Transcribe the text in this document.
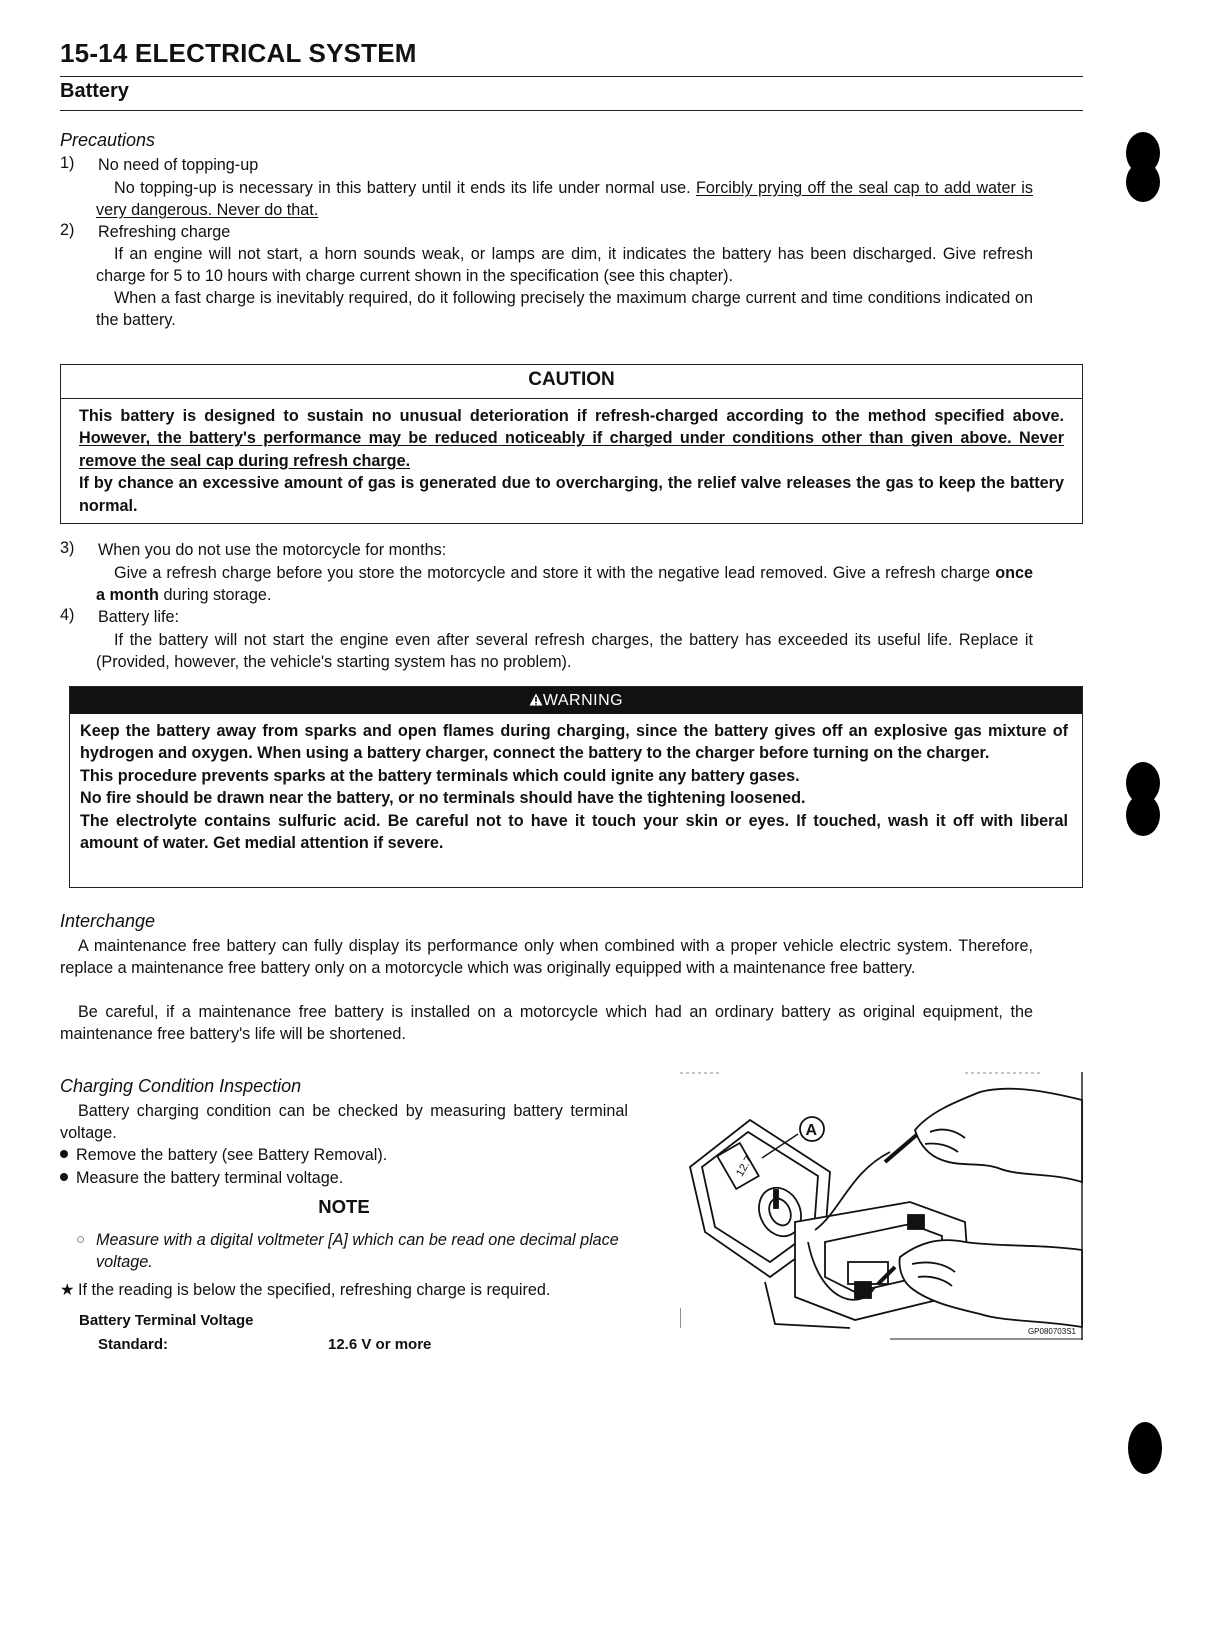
15-14 ELECTRICAL SYSTEM
Battery
Precautions
1) No need of topping-up
No topping-up is necessary in this battery until it ends its life under normal use. Forcibly prying off the seal cap to add water is very dangerous. Never do that.
2) Refreshing charge
If an engine will not start, a horn sounds weak, or lamps are dim, it indicates the battery has been discharged. Give refresh charge for 5 to 10 hours with charge current shown in the specification (see this chapter).
When a fast charge is inevitably required, do it following precisely the maximum charge current and time conditions indicated on the battery.
CAUTION
This battery is designed to sustain no unusual deterioration if refresh-charged according to the method specified above. However, the battery's performance may be reduced noticeably if charged under conditions other than given above. Never remove the seal cap during refresh charge.
If by chance an excessive amount of gas is generated due to overcharging, the relief valve releases the gas to keep the battery normal.
3) When you do not use the motorcycle for months:
Give a refresh charge before you store the motorcycle and store it with the negative lead removed. Give a refresh charge once a month during storage.
4) Battery life:
If the battery will not start the engine even after several refresh charges, the battery has exceeded its useful life. Replace it (Provided, however, the vehicle's starting system has no problem).
WARNING

Keep the battery away from sparks and open flames during charging, since the battery gives off an explosive gas mixture of hydrogen and oxygen. When using a battery charger, connect the battery to the charger before turning on the charger.

This procedure prevents sparks at the battery terminals which could ignite any battery gases.

No fire should be drawn near the battery, or no terminals should have the tightening loosened.

The electrolyte contains sulfuric acid. Be careful not to have it touch your skin or eyes. If touched, wash it off with liberal amount of water. Get medial attention if severe.

Interchange
A maintenance free battery can fully display its performance only when combined with a proper vehicle electric system. Therefore, replace a maintenance free battery only on a motorcycle which was originally equipped with a maintenance free battery.
Be careful, if a maintenance free battery is installed on a motorcycle which had an ordinary battery as original equipment, the maintenance free battery's life will be shortened.
Charging Condition Inspection
Battery charging condition can be checked by measuring battery terminal voltage.
Remove the battery (see Battery Removal).
Measure the battery terminal voltage.
NOTE
○ Measure with a digital voltmeter [A] which can be read one decimal place voltage.
★ If the reading is below the specified, refreshing charge is required.
Battery Terminal Voltage
Standard:	12.6 V or more
12.7
A
GP080703S1
